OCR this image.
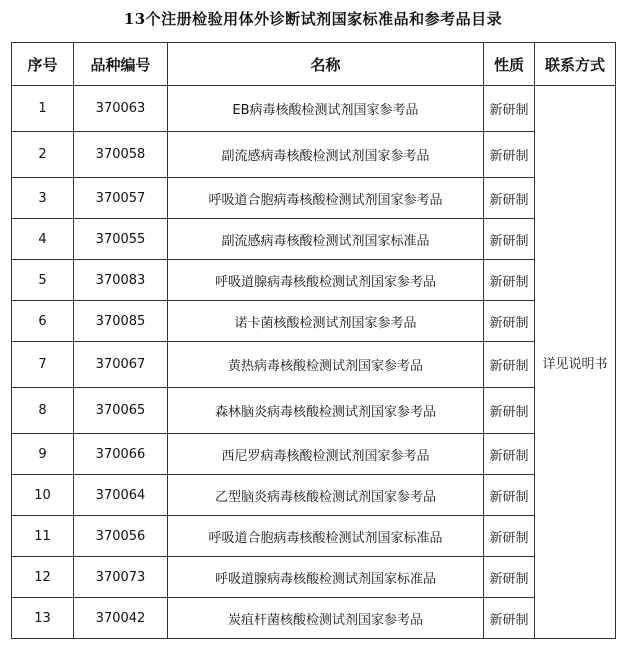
13个注册检验用体外诊断试剂国家标准品和参考品目录
序号	品种编号	名称	性质	联系方式
1	370063	EB病毒核酸检测试剂国家参考品	新研制	详见说明书
2	370058	副流感病毒核酸检测试剂国家参考品	新研制	
3	370057	呼吸道合胞病毒核酸检测试剂国家参考品	新研制	
4	370055	副流感病毒核酸检测试剂国家标准品	新研制	
5	370083	呼吸道腺病毒核酸检测试剂国家参考品	新研制	
6	370085	诺卡菌核酸检测试剂国家参考品	新研制	
7	370067	黄热病毒核酸检测试剂国家参考品	新研制	
8	370065	森林脑炎病毒核酸检测试剂国家参考品	新研制	
9	370066	西尼罗病毒核酸检测试剂国家参考品	新研制	
10	370064	乙型脑炎病毒核酸检测试剂国家参考品	新研制	
11	370056	呼吸道合胞病毒核酸检测试剂国家标准品	新研制	
12	370073	呼吸道腺病毒核酸检测试剂国家标准品	新研制	
13	370042	炭疽杆菌核酸检测试剂国家参考品	新研制	
